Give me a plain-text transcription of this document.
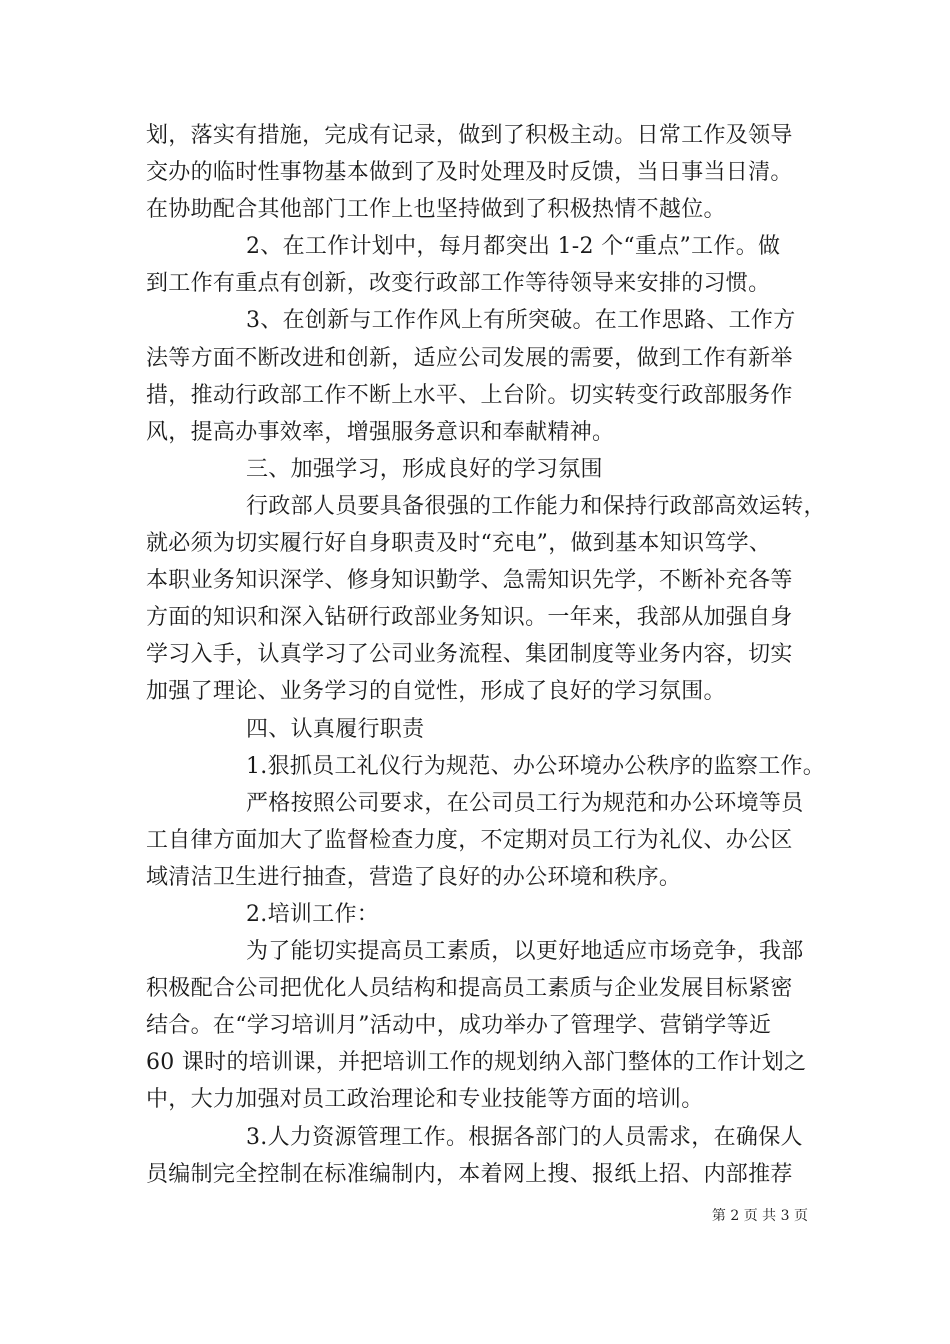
划，落实有措施，完成有记录，做到了积极主动。日常工作及领导
交办的临时性事物基本做到了及时处理及时反馈，当日事当日清。
在协助配合其他部门工作上也坚持做到了积极热情不越位。
2、在工作计划中，每月都突出 1-2 个“重点”工作。做
到工作有重点有创新，改变行政部工作等待领导来安排的习惯。
3、在创新与工作作风上有所突破。在工作思路、工作方
法等方面不断改进和创新，适应公司发展的需要，做到工作有新举
措，推动行政部工作不断上水平、上台阶。切实转变行政部服务作
风，提高办事效率，增强服务意识和奉献精神。
三、加强学习，形成良好的学习氛围
行政部人员要具备很强的工作能力和保持行政部高效运转，
就必须为切实履行好自身职责及时“充电”，做到基本知识笃学、
本职业务知识深学、修身知识勤学、急需知识先学，不断补充各等
方面的知识和深入钻研行政部业务知识。一年来，我部从加强自身
学习入手，认真学习了公司业务流程、集团制度等业务内容，切实
加强了理论、业务学习的自觉性，形成了良好的学习氛围。
四、认真履行职责
1.狠抓员工礼仪行为规范、办公环境办公秩序的监察工作。
严格按照公司要求，在公司员工行为规范和办公环境等员
工自律方面加大了监督检查力度，不定期对员工行为礼仪、办公区
域清洁卫生进行抽查，营造了良好的办公环境和秩序。
2.培训工作：
为了能切实提高员工素质，以更好地适应市场竞争，我部
积极配合公司把优化人员结构和提高员工素质与企业发展目标紧密
结合。在“学习培训月”活动中，成功举办了管理学、营销学等近
60 课时的培训课，并把培训工作的规划纳入部门整体的工作计划之
中，大力加强对员工政治理论和专业技能等方面的培训。
3.人力资源管理工作。根据各部门的人员需求，在确保人
员编制完全控制在标准编制内，本着网上搜、报纸上招、内部推荐
第 2 页 共 3 页
